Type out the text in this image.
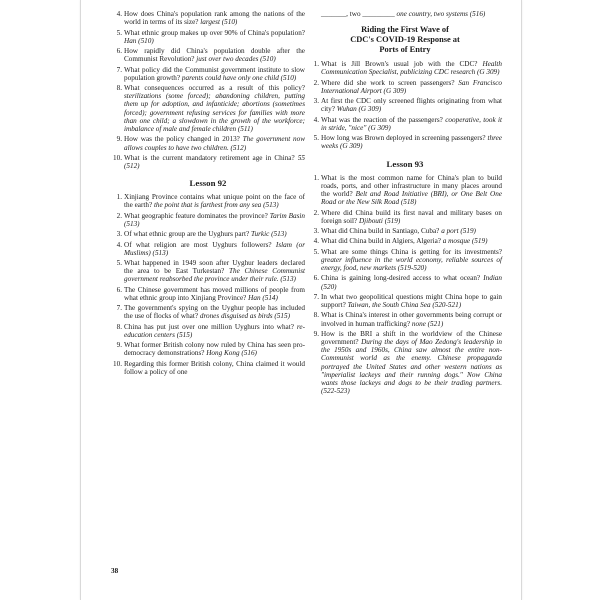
4. How does China's population rank among the nations of the world in terms of its size? largest (510)
5. What ethnic group makes up over 90% of China's population? Han (510)
6. How rapidly did China's population double after the Communist Revolution? just over two decades (510)
7. What policy did the Communist government institute to slow population growth? parents could have only one child (510)
8. What consequences occurred as a result of this policy? sterilizations (some forced); abandoning children, putting them up for adoption, and infanticide; abortions (sometimes forced); government refusing services for families with more than one child; a slowdown in the growth of the workforce; imbalance of male and female children (511)
9. How was the policy changed in 2013? The government now allows couples to have two children. (512)
10. What is the current mandatory retirement age in China? 55 (512)
Lesson 92
1. Xinjiang Province contains what unique point on the face of the earth? the point that is farthest from any sea (513)
2. What geographic feature dominates the province? Tarim Basin (513)
3. Of what ethnic group are the Uyghurs part? Turkic (513)
4. Of what religion are most Uyghurs followers? Islam (or Muslims) (513)
5. What happened in 1949 soon after Uyghur leaders declared the area to be East Turkestan? The Chinese Communist government reabsorbed the province under their rule. (513)
6. The Chinese government has moved millions of people from what ethnic group into Xinjiang Province? Han (514)
7. The government's spying on the Uyghur people has included the use of flocks of what? drones disguised as birds (515)
8. China has put just over one million Uyghurs into what? re-education centers (515)
9. What former British colony now ruled by China has seen pro-democracy demonstrations? Hong Kong (516)
10. Regarding this former British colony, China claimed it would follow a policy of one
_______, two _________ one country, two systems (516)
Riding the First Wave of
CDC's COVID-19 Response at
Ports of Entry
1. What is Jill Brown's usual job with the CDC? Health Communication Specialist, publicizing CDC research (G 309)
2. Where did she work to screen passengers? San Francisco International Airport (G 309)
3. At first the CDC only screened flights originating from what city? Wuhan (G 309)
4. What was the reaction of the passengers? cooperative, took it in stride, "nice" (G 309)
5. How long was Brown deployed in screening passengers? three weeks (G 309)
Lesson 93
1. What is the most common name for China's plan to build roads, ports, and other infrastructure in many places around the world? Belt and Road Initiative (BRI), or One Belt One Road or the New Silk Road (518)
2. Where did China build its first naval and military bases on foreign soil? Djibouti (519)
3. What did China build in Santiago, Cuba? a port (519)
4. What did China build in Algiers, Algeria? a mosque (519)
5. What are some things China is getting for its investments? greater influence in the world economy, reliable sources of energy, food, new markets (519-520)
6. China is gaining long-desired access to what ocean? Indian (520)
7. In what two geopolitical questions might China hope to gain support? Taiwan, the South China Sea (520-521)
8. What is China's interest in other governments being corrupt or involved in human trafficking? none (521)
9. How is the BRI a shift in the worldview of the Chinese government? During the days of Mao Zedong's leadership in the 1950s and 1960s, China saw almost the entire non-Communist world as the enemy. Chinese propaganda portrayed the United States and other western nations as "imperialist lackeys and their running dogs." Now China wants those lackeys and dogs to be their trading partners. (522-523)
38
